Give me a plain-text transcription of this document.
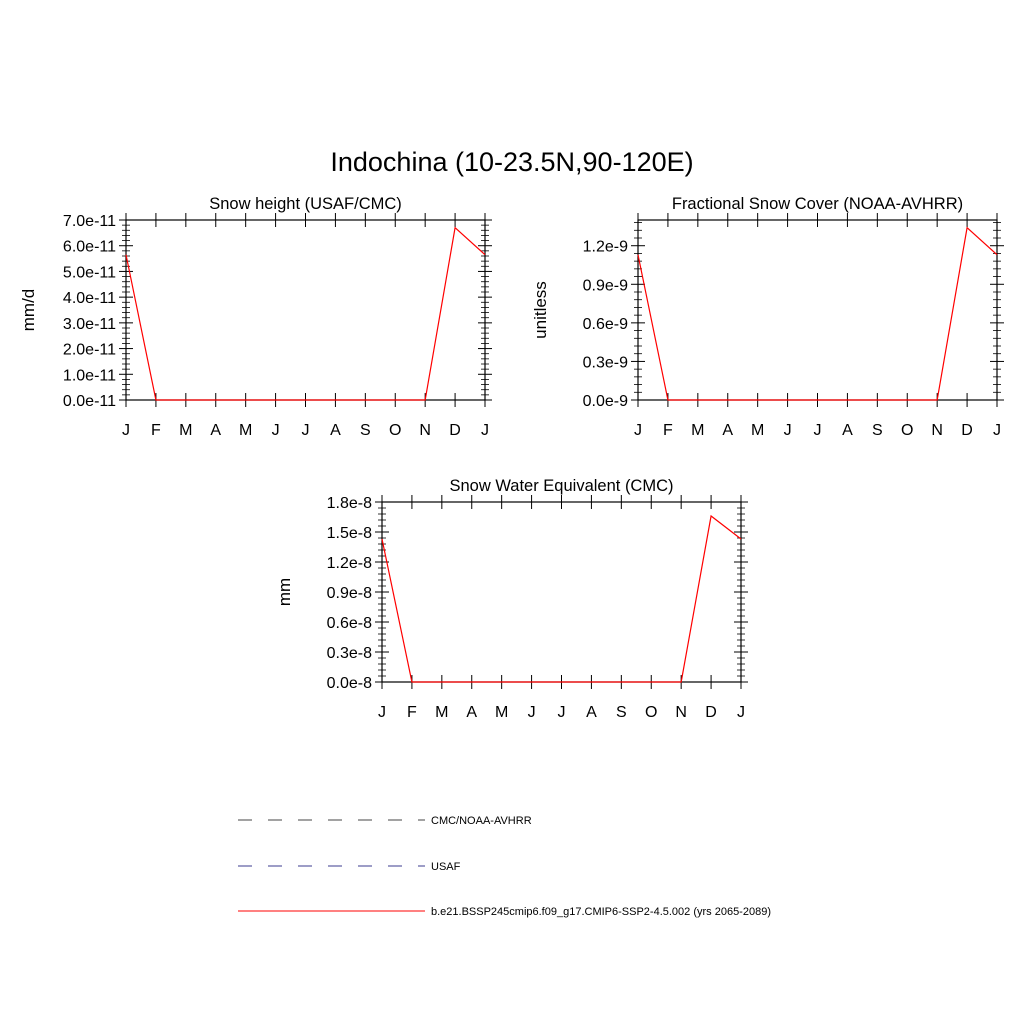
Indochina (10-23.5N,90-120E)
Snow height (USAF/CMC)
mm/d
0.0e-11
1.0e-11
2.0e-11
3.0e-11
4.0e-11
5.0e-11
6.0e-11
7.0e-11
J F M A M J J A S O N D J
Fractional Snow Cover (NOAA-AVHRR)
unitless
0.0e-9
0.3e-9
0.6e-9
0.9e-9
1.2e-9
J F M A M J J A S O N D J
Snow Water Equivalent (CMC)
mm
0.0e-8
0.3e-8
0.6e-8
0.9e-8
1.2e-8
1.5e-8
1.8e-8
J F M A M J J A S O N D J
CMC/NOAA-AVHRR
USAF
b.e21.BSSP245cmip6.f09_g17.CMIP6-SSP2-4.5.002 (yrs 2065-2089)
